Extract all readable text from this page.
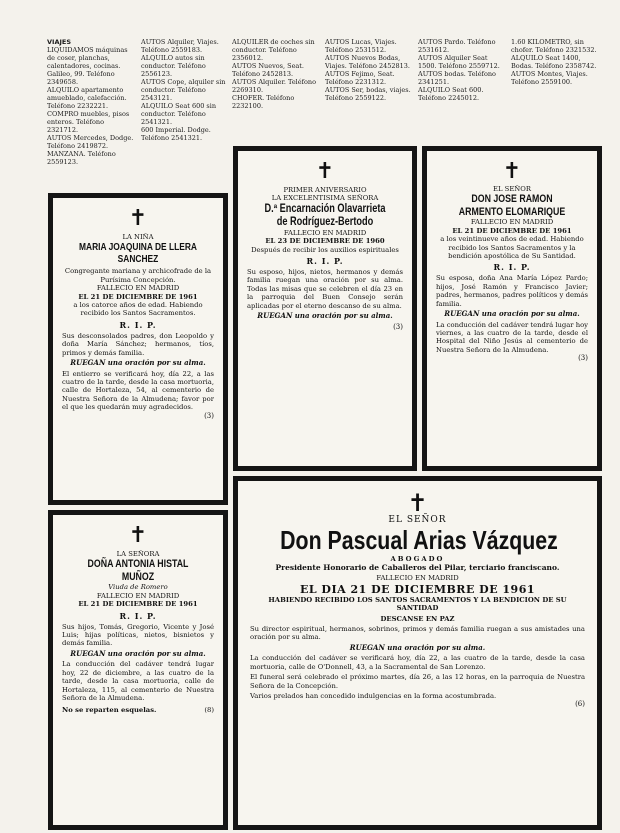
VIAJES
LIQUIDAMOS máquinas de coser, planchas, calentadores, cocinas. Galileo, 99. Teléfono 2349658.
ALQUILO apartamento amueblado, calefacción. Teléfono 2232221.
COMPRO muebles, pisos enteros. Teléfono 2321712.
AUTOS Mercedes, Dodge. Teléfono 2419872.
MANZANA. Teléfono 2559123.
AUTOS Alquiler, Viajes. Teléfono 2559183.
ALQUILO autos sin conductor. Teléfono 2556123.
AUTOS Cope, alquiler sin conductor. Teléfono 2543121.
ALQUILO Seat 600 sin conductor. Teléfono 2541321.
600 Imperial. Dodge. Teléfono 2541321.
ALQUILER de coches sin conductor. Teléfono 2356012.
AUTOS Nuevos, Seat. Teléfono 2452813.
AUTOS Alquiler. Teléfono 2269310.
CHOFER. Teléfono 2232100.
AUTOS Lucas, Viajes. Teléfono 2531512.
AUTOS Nuevos Bodas, Viajes. Teléfono 2452813.
AUTOS Fejimo, Seat. Teléfono 2231312.
AUTOS Ser, bodas, viajes. Teléfono 2559122.
AUTOS Pardo. Teléfono 2531612.
AUTOS Alquiler Seat 1500. Teléfono 2559712.
AUTOS bodas. Teléfono 2341251.
ALQUILO Seat 600. Teléfono 2245012.
1.60 KILOMETRO, sin chofer. Teléfono 2321532.
ALQUILO Seat 1400, Bodas. Teléfono 2358742.
AUTOS Montes, Viajes. Teléfono 2559100.
✝
LA NIÑA
MARIA JOAQUINA DE LLERA SANCHEZ
Congregante mariana y archicofrade de la Purísima Concepción.
FALLECIO EN MADRID
EL 21 DE DICIEMBRE DE 1961
a los catorce años de edad. Habiendo recibido los Santos Sacramentos.
R. I. P.
Sus desconsolados padres, don Leopoldo y doña María Sánchez; hermanos, tíos, primos y demás familia.
RUEGAN una oración por su alma.
El entierro se verificará hoy, día 22, a las cuatro de la tarde, desde la casa mortuoria, calle de Hortaleza, 54, al cementerio de Nuestra Señora de la Almudena; favor por el que les quedarán muy agradecidos.
(3)
✝
PRIMER ANIVERSARIO
LA EXCELENTISIMA SEÑORA
D.ª Encarnación Olavarrieta de Rodríguez-Bertodo
FALLECIO EN MADRID
EL 23 DE DICIEMBRE DE 1960
Después de recibir los auxilios espirituales
R. I. P.
Su esposo, hijos, nietos, hermanos y demás familia ruegan una oración por su alma. Todas las misas que se celebren el día 23 en la parroquia del Buen Consejo serán aplicadas por el eterno descanso de su alma.
RUEGAN una oración por su alma.
(3)
✝
EL SEÑOR
DON JOSE RAMON ARMENTO ELOMARIQUE
FALLECIO EN MADRID
EL 21 DE DICIEMBRE DE 1961
a los veintinueve años de edad. Habiendo recibido los Santos Sacramentos y la bendición apostólica de Su Santidad.
R. I. P.
Su esposa, doña Ana María López Pardo; hijos, José Ramón y Francisco Javier; padres, hermanos, padres políticos y demás familia.
RUEGAN una oración por su alma.
La conducción del cadáver tendrá lugar hoy viernes, a las cuatro de la tarde, desde el Hospital del Niño Jesús al cementerio de Nuestra Señora de la Almudena.
(3)
✝
LA SEÑORA
DOÑA ANTONIA HISTAL MUÑOZ
Viuda de Romero
FALLECIO EN MADRID
EL 21 DE DICIEMBRE DE 1961
R. I. P.
Sus hijos, Tomás, Gregorio, Vicente y José Luis; hijas políticas, nietos, bisnietos y demás familia.
RUEGAN una oración por su alma.
La conducción del cadáver tendrá lugar hoy, 22 de diciembre, a las cuatro de la tarde, desde la casa mortuoria, calle de Hortaleza, 115, al cementerio de Nuestra Señora de la Almudena.
No se reparten esquelas.	(8)
✝
EL SEÑOR
Don Pascual Arias Vázquez
ABOGADO
Presidente Honorario de Caballeros del Pilar, terciario franciscano.
FALLECIO EN MADRID
EL DIA 21 DE DICIEMBRE DE 1961
HABIENDO RECIBIDO LOS SANTOS SACRAMENTOS Y LA BENDICION DE SU SANTIDAD
DESCANSE EN PAZ
Su director espiritual, hermanos, sobrinos, primos y demás familia ruegan a sus amistades una oración por su alma.
RUEGAN una oración por su alma.
La conducción del cadáver se verificará hoy, día 22, a las cuatro de la tarde, desde la casa mortuoria, calle de O'Donnell, 43, a la Sacramental de San Lorenzo.
El funeral será celebrado el próximo martes, día 26, a las 12 horas, en la parroquia de Nuestra Señora de la Concepción.
Varios prelados han concedido indulgencias en la forma acostumbrada.
(6)
